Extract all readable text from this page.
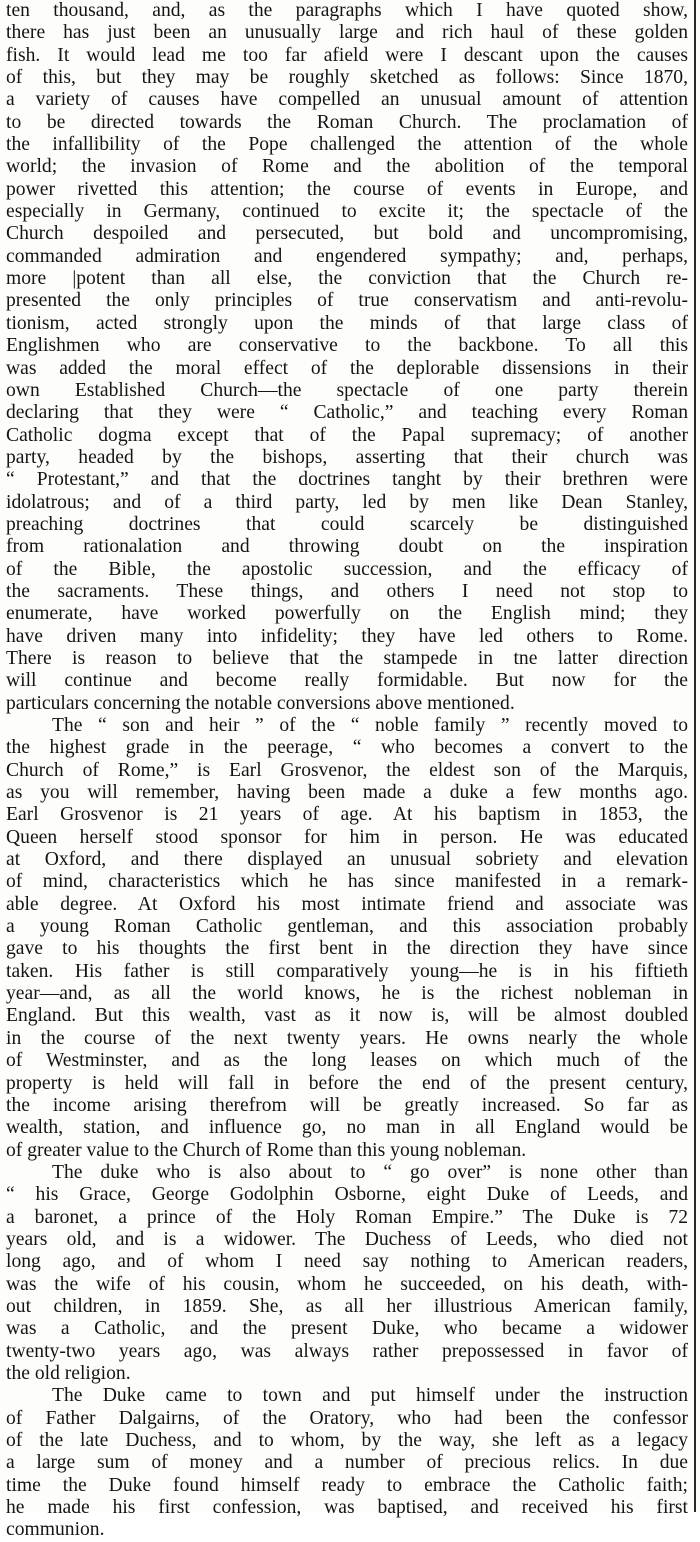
ten thousand, and, as the paragraphs which I have quoted show,
there has just been an unusually large and rich haul of these golden
fish. It would lead me too far afield were I descant upon the causes
of this, but they may be roughly sketched as follows: Since 1870,
a variety of causes have compelled an unusual amount of attention
to be directed towards the Roman Church. The proclamation of
the infallibility of the Pope challenged the attention of the whole
world; the invasion of Rome and the abolition of the temporal
power rivetted this attention; the course of events in Europe, and
especially in Germany, continued to excite it; the spectacle of the
Church despoiled and persecuted, but bold and uncompromising,
commanded admiration and engendered sympathy; and, perhaps,
more |potent than all else, the conviction that the Church re-
presented the only principles of true conservatism and anti-revolu-
tionism, acted strongly upon the minds of that large class of
Englishmen who are conservative to the backbone. To all this
was added the moral effect of the deplorable dissensions in their
own Established Church—the spectacle of one party therein
declaring that they were “ Catholic,” and teaching every Roman
Catholic dogma except that of the Papal supremacy; of another
party, headed by the bishops, asserting that their church was
“ Protestant,” and that the doctrines tanght by their brethren were
idolatrous; and of a third party, led by men like Dean Stanley,
preaching doctrines that could scarcely be distinguished
from rationalation and throwing doubt on the inspiration
of the Bible, the apostolic succession, and the efficacy of
the sacraments. These things, and others I need not stop to
enumerate, have worked powerfully on the English mind; they
have driven many into infidelity; they have led others to Rome.
There is reason to believe that the stampede in tne latter direction
will continue and become really formidable. But now for the
particulars concerning the notable conversions above mentioned.
The “ son and heir ” of the “ noble family ” recently moved to
the highest grade in the peerage, “ who becomes a convert to the
Church of Rome,” is Earl Grosvenor, the eldest son of the Marquis,
as you will remember, having been made a duke a few months ago.
Earl Grosvenor is 21 years of age. At his baptism in 1853, the
Queen herself stood sponsor for him in person. He was educated
at Oxford, and there displayed an unusual sobriety and elevation
of mind, characteristics which he has since manifested in a remark-
able degree. At Oxford his most intimate friend and associate was
a young Roman Catholic gentleman, and this association probably
gave to his thoughts the first bent in the direction they have since
taken. His father is still comparatively young—he is in his fiftieth
year—and, as all the world knows, he is the richest nobleman in
England. But this wealth, vast as it now is, will be almost doubled
in the course of the next twenty years. He owns nearly the whole
of Westminster, and as the long leases on which much of the
property is held will fall in before the end of the present century,
the income arising therefrom will be greatly increased. So far as
wealth, station, and influence go, no man in all England would be
of greater value to the Church of Rome than this young nobleman.
The duke who is also about to “ go over” is none other than
“ his Grace, George Godolphin Osborne, eight Duke of Leeds, and
a baronet, a prince of the Holy Roman Empire.” The Duke is 72
years old, and is a widower. The Duchess of Leeds, who died not
long ago, and of whom I need say nothing to American readers,
was the wife of his cousin, whom he succeeded, on his death, with-
out children, in 1859. She, as all her illustrious American family,
was a Catholic, and the present Duke, who became a widower
twenty-two years ago, was always rather prepossessed in favor of
the old religion.
The Duke came to town and put himself under the instruction
of Father Dalgairns, of the Oratory, who had been the confessor
of the late Duchess, and to whom, by the way, she left as a legacy
a large sum of money and a number of precious relics. In due
time the Duke found himself ready to embrace the Catholic faith;
he made his first confession, was baptised, and received his first
communion.
